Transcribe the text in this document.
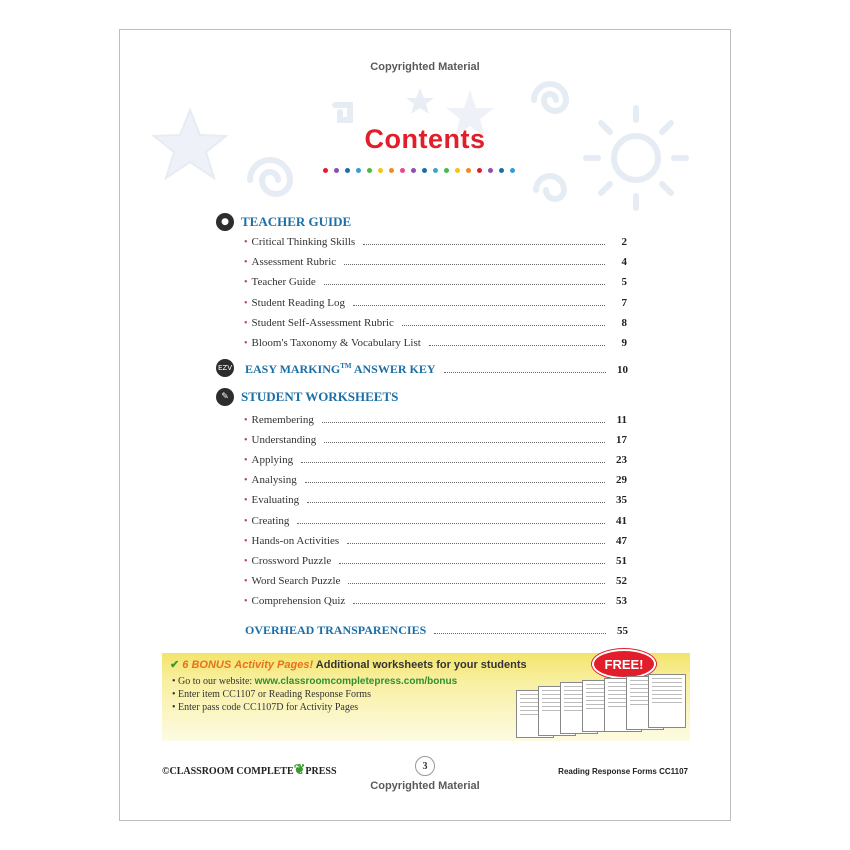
Copyrighted Material
Contents
● TEACHER GUIDE
• Critical Thinking Skills	2
• Assessment Rubric	4
• Teacher Guide	5
• Student Reading Log	7
• Student Self-Assessment Rubric	8
• Bloom's Taxonomy & Vocabulary List	9
EZV EASY MARKING™ ANSWER KEY	10
✎ STUDENT WORKSHEETS
• Remembering	11
• Understanding	17
• Applying	23
• Analysing	29
• Evaluating	35
• Creating	41
• Hands-on Activities	47
• Crossword Puzzle	51
• Word Search Puzzle	52
• Comprehension Quiz	53
OVERHEAD TRANSPARENCIES	55
✔ 6 BONUS Activity Pages! Additional worksheets for your students
• Go to our website: www.classroomcompletepress.com/bonus
• Enter item CC1107 or Reading Response Forms
• Enter pass code CC1107D for Activity Pages
FREE!
©CLASSROOM COMPLETE❦PRESS	3
Copyrighted Material
Reading Response Forms CC1107
